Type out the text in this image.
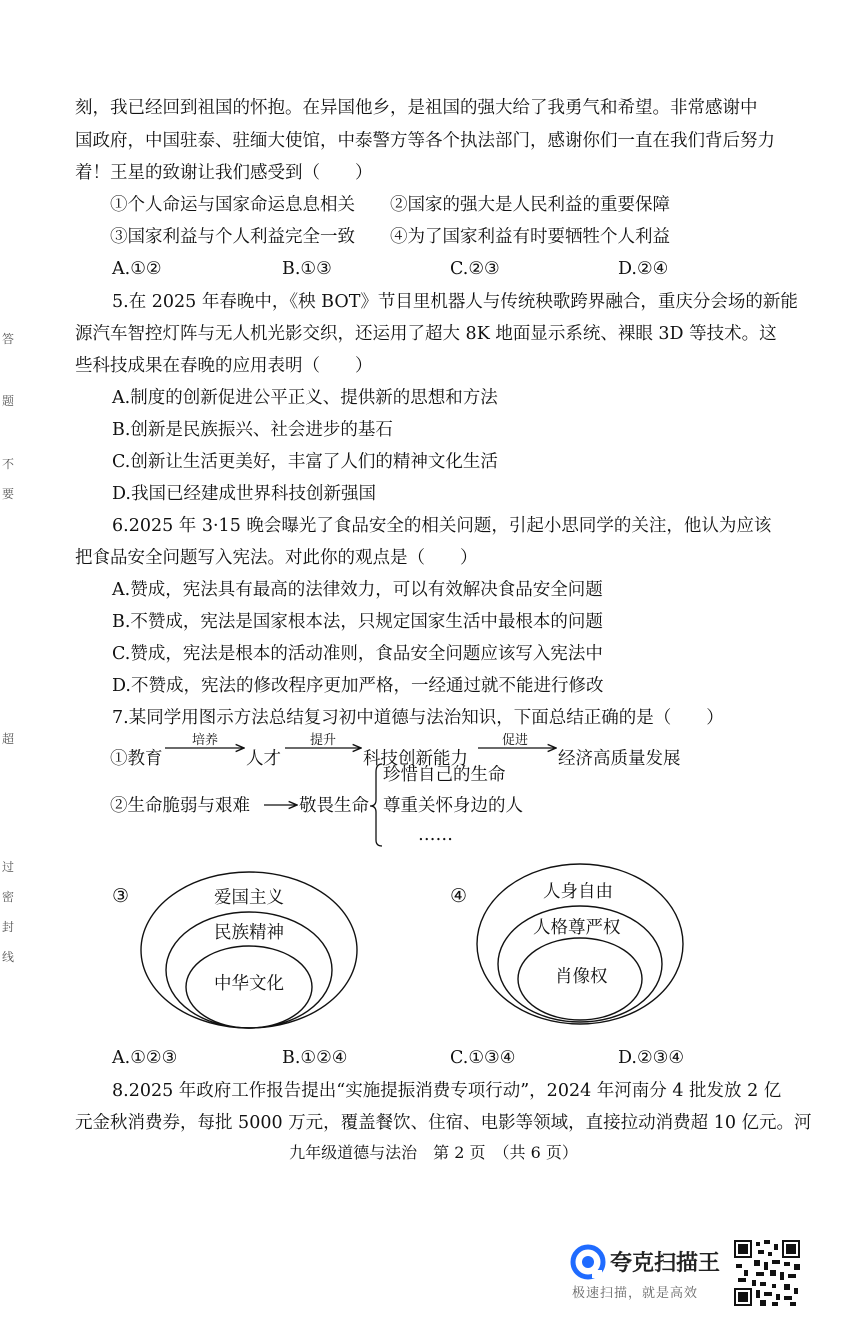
刻，我已经回到祖国的怀抱。在异国他乡，是祖国的强大给了我勇气和希望。非常感谢中
国政府，中国驻泰、驻缅大使馆，中泰警方等各个执法部门，感谢你们一直在我们背后努力
着！王星的致谢让我们感受到（　　）
①个人命运与国家命运息息相关 ②国家的强大是人民利益的重要保障
③国家利益与个人利益完全一致 ④为了国家利益有时要牺牲个人利益
A.①②	B.①③	C.②③	D.②④
5.在 2025 年春晚中，《秧 BOT》节目里机器人与传统秧歌跨界融合，重庆分会场的新能
源汽车智控灯阵与无人机光影交织，还运用了超大 8K 地面显示系统、裸眼 3D 等技术。这
些科技成果在春晚的应用表明（　　）
A.制度的创新促进公平正义、提供新的思想和方法
B.创新是民族振兴、社会进步的基石
C.创新让生活更美好，丰富了人们的精神文化生活
D.我国已经建成世界科技创新强国
6.2025 年 3·15 晚会曝光了食品安全的相关问题，引起小思同学的关注，他认为应该
把食品安全问题写入宪法。对此你的观点是（　　）
A.赞成，宪法具有最高的法律效力，可以有效解决食品安全问题
B.不赞成，宪法是国家根本法，只规定国家生活中最根本的问题
C.赞成，宪法是根本的活动准则，食品安全问题应该写入宪法中
D.不赞成，宪法的修改程序更加严格，一经通过就不能进行修改
7.某同学用图示方法总结复习初中道德与法治知识，下面总结正确的是（　　）
①教育	人才	科技创新能力	经济高质量发展
培养	提升	促进
②生命脆弱与艰难	敬畏生命
珍惜自己的生命
尊重关怀身边的人
……
③	爱国主义
民族精神
中华文化
④	人身自由
人格尊严权
肖像权
A.①②③	B.①②④	C.①③④	D.②③④
8.2025 年政府工作报告提出“实施提振消费专项行动”，2024 年河南分 4 批发放 2 亿
元金秋消费券，每批 5000 万元，覆盖餐饮、住宿、电影等领域，直接拉动消费超 10 亿元。河
九年级道德与法治　第 2 页　（共 6 页）
答
题
不
要
超
过
密
封
线
夸克扫描王
极速扫描，就是高效
